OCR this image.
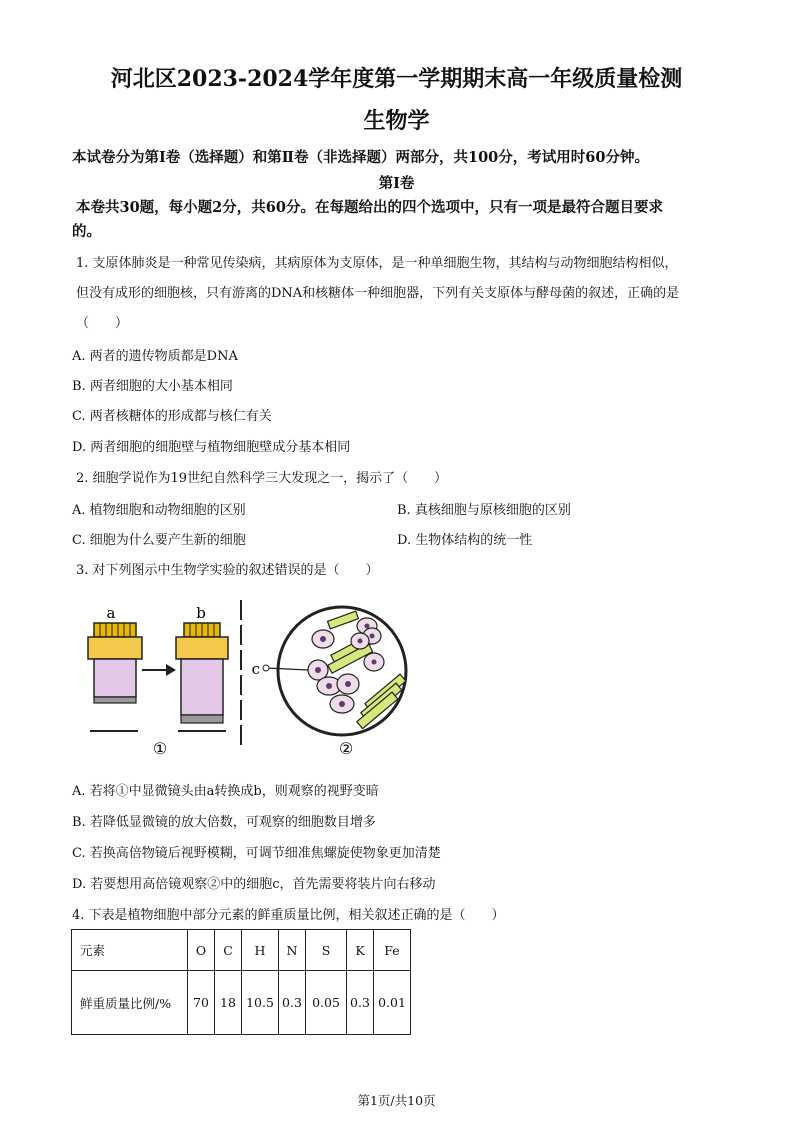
河北区2023-2024学年度第一学期期末高一年级质量检测
生物学
本试卷分为第Ⅰ卷（选择题）和第Ⅱ卷（非选择题）两部分，共100分，考试用时60分钟。
第Ⅰ卷
本卷共30题，每小题2分，共60分。在每题给出的四个选项中，只有一项是最符合题目要求
的。
1. 支原体肺炎是一种常见传染病，其病原体为支原体，是一种单细胞生物，其结构与动物细胞结构相似，
但没有成形的细胞核，只有游离的DNA和核糖体一种细胞器，下列有关支原体与酵母菌的叙述，正确的是
（　　）
A. 两者的遗传物质都是DNA
B. 两者细胞的大小基本相同
C. 两者核糖体的形成都与核仁有关
D. 两者细胞的细胞壁与植物细胞壁成分基本相同
2. 细胞学说作为19世纪自然科学三大发现之一，揭示了（　　）
A. 植物细胞和动物细胞的区别	B. 真核细胞与原核细胞的区别
C. 细胞为什么要产生新的细胞	D. 生物体结构的统一性
3. 对下列图示中生物学实验的叙述错误的是（　　）
a	b
c
①	②
A. 若将①中显微镜头由a转换成b，则观察的视野变暗
B. 若降低显微镜的放大倍数，可观察的细胞数目增多
C. 若换高倍物镜后视野模糊，可调节细准焦螺旋使物象更加清楚
D. 若要想用高倍镜观察②中的细胞c，首先需要将装片向右移动
4. 下表是植物细胞中部分元素的鲜重质量比例，相关叙述正确的是（　　）
元素	O	C	H	N	S	K	Fe
鲜重质量比例/%	70	18	10.5	0.3	0.05	0.3	0.01
第1页/共10页
